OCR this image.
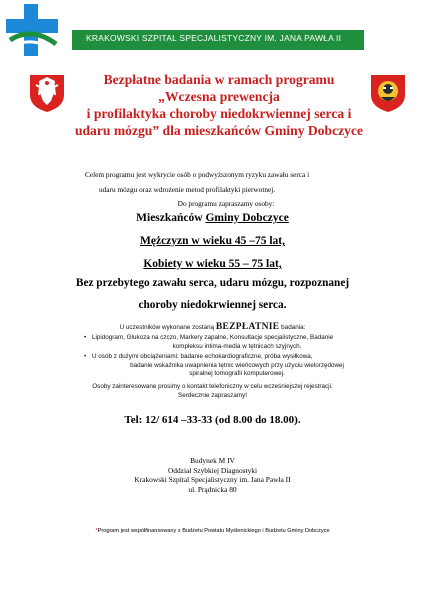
KRAKOWSKI SZPITAL SPECJALISTYCZNY IM. JANA PAWŁA II
Bezpłatne badania w ramach programu
„Wczesna prewencja
i profilaktyka choroby niedokrwiennej serca i
udaru mózgu” dla mieszkańców Gminy Dobczyce
Celem programu jest wykrycie osób o podwyższonym ryzyku zawału serca i
udaru mózgu oraz wdrożenie metod profilaktyki pierwotnej.
Do programu zapraszamy osoby:
Mieszkańców Gminy Dobczyce
Mężczyzn w wieku 45 –75 lat,
Kobiety w wieku 55 – 75 lat,
Bez przebytego zawału serca, udaru mózgu, rozpoznanej
choroby niedokrwiennej serca.
U uczestników wykonane zostaną BEZPŁATNIE badania:
• Lipidogram, Glukoza na czczo, Markery zapalne, Konsultacje specjalistyczne, Badanie
kompleksu intima-media w tętnicach szyjnych.
• U osób z dużymi obciążeniami: badanie echokardiograficzne, próba wysiłkowa,
badanie wskaźnika uwapnienia tętnic wieńcowych przy użyciu wielorzędowej
spiralnej tomografii komputerowej.
Osoby zainteresowane prosimy o kontakt telefoniczny w celu wcześniejszej rejestracji.
Serdecznie zapraszamy!
Tel: 12/ 614 –33-33 (od 8.00 do 18.00).
Budynek M IV
Oddział Szybkiej Diagnostyki
Krakowski Szpital Specjalistyczny im. Jana Pawła II
ul. Prądnicka 80
*Program jest współfinansowany z Budżetu Powiatu Myślenickiego i Budżetu Gminy Dobczyce
